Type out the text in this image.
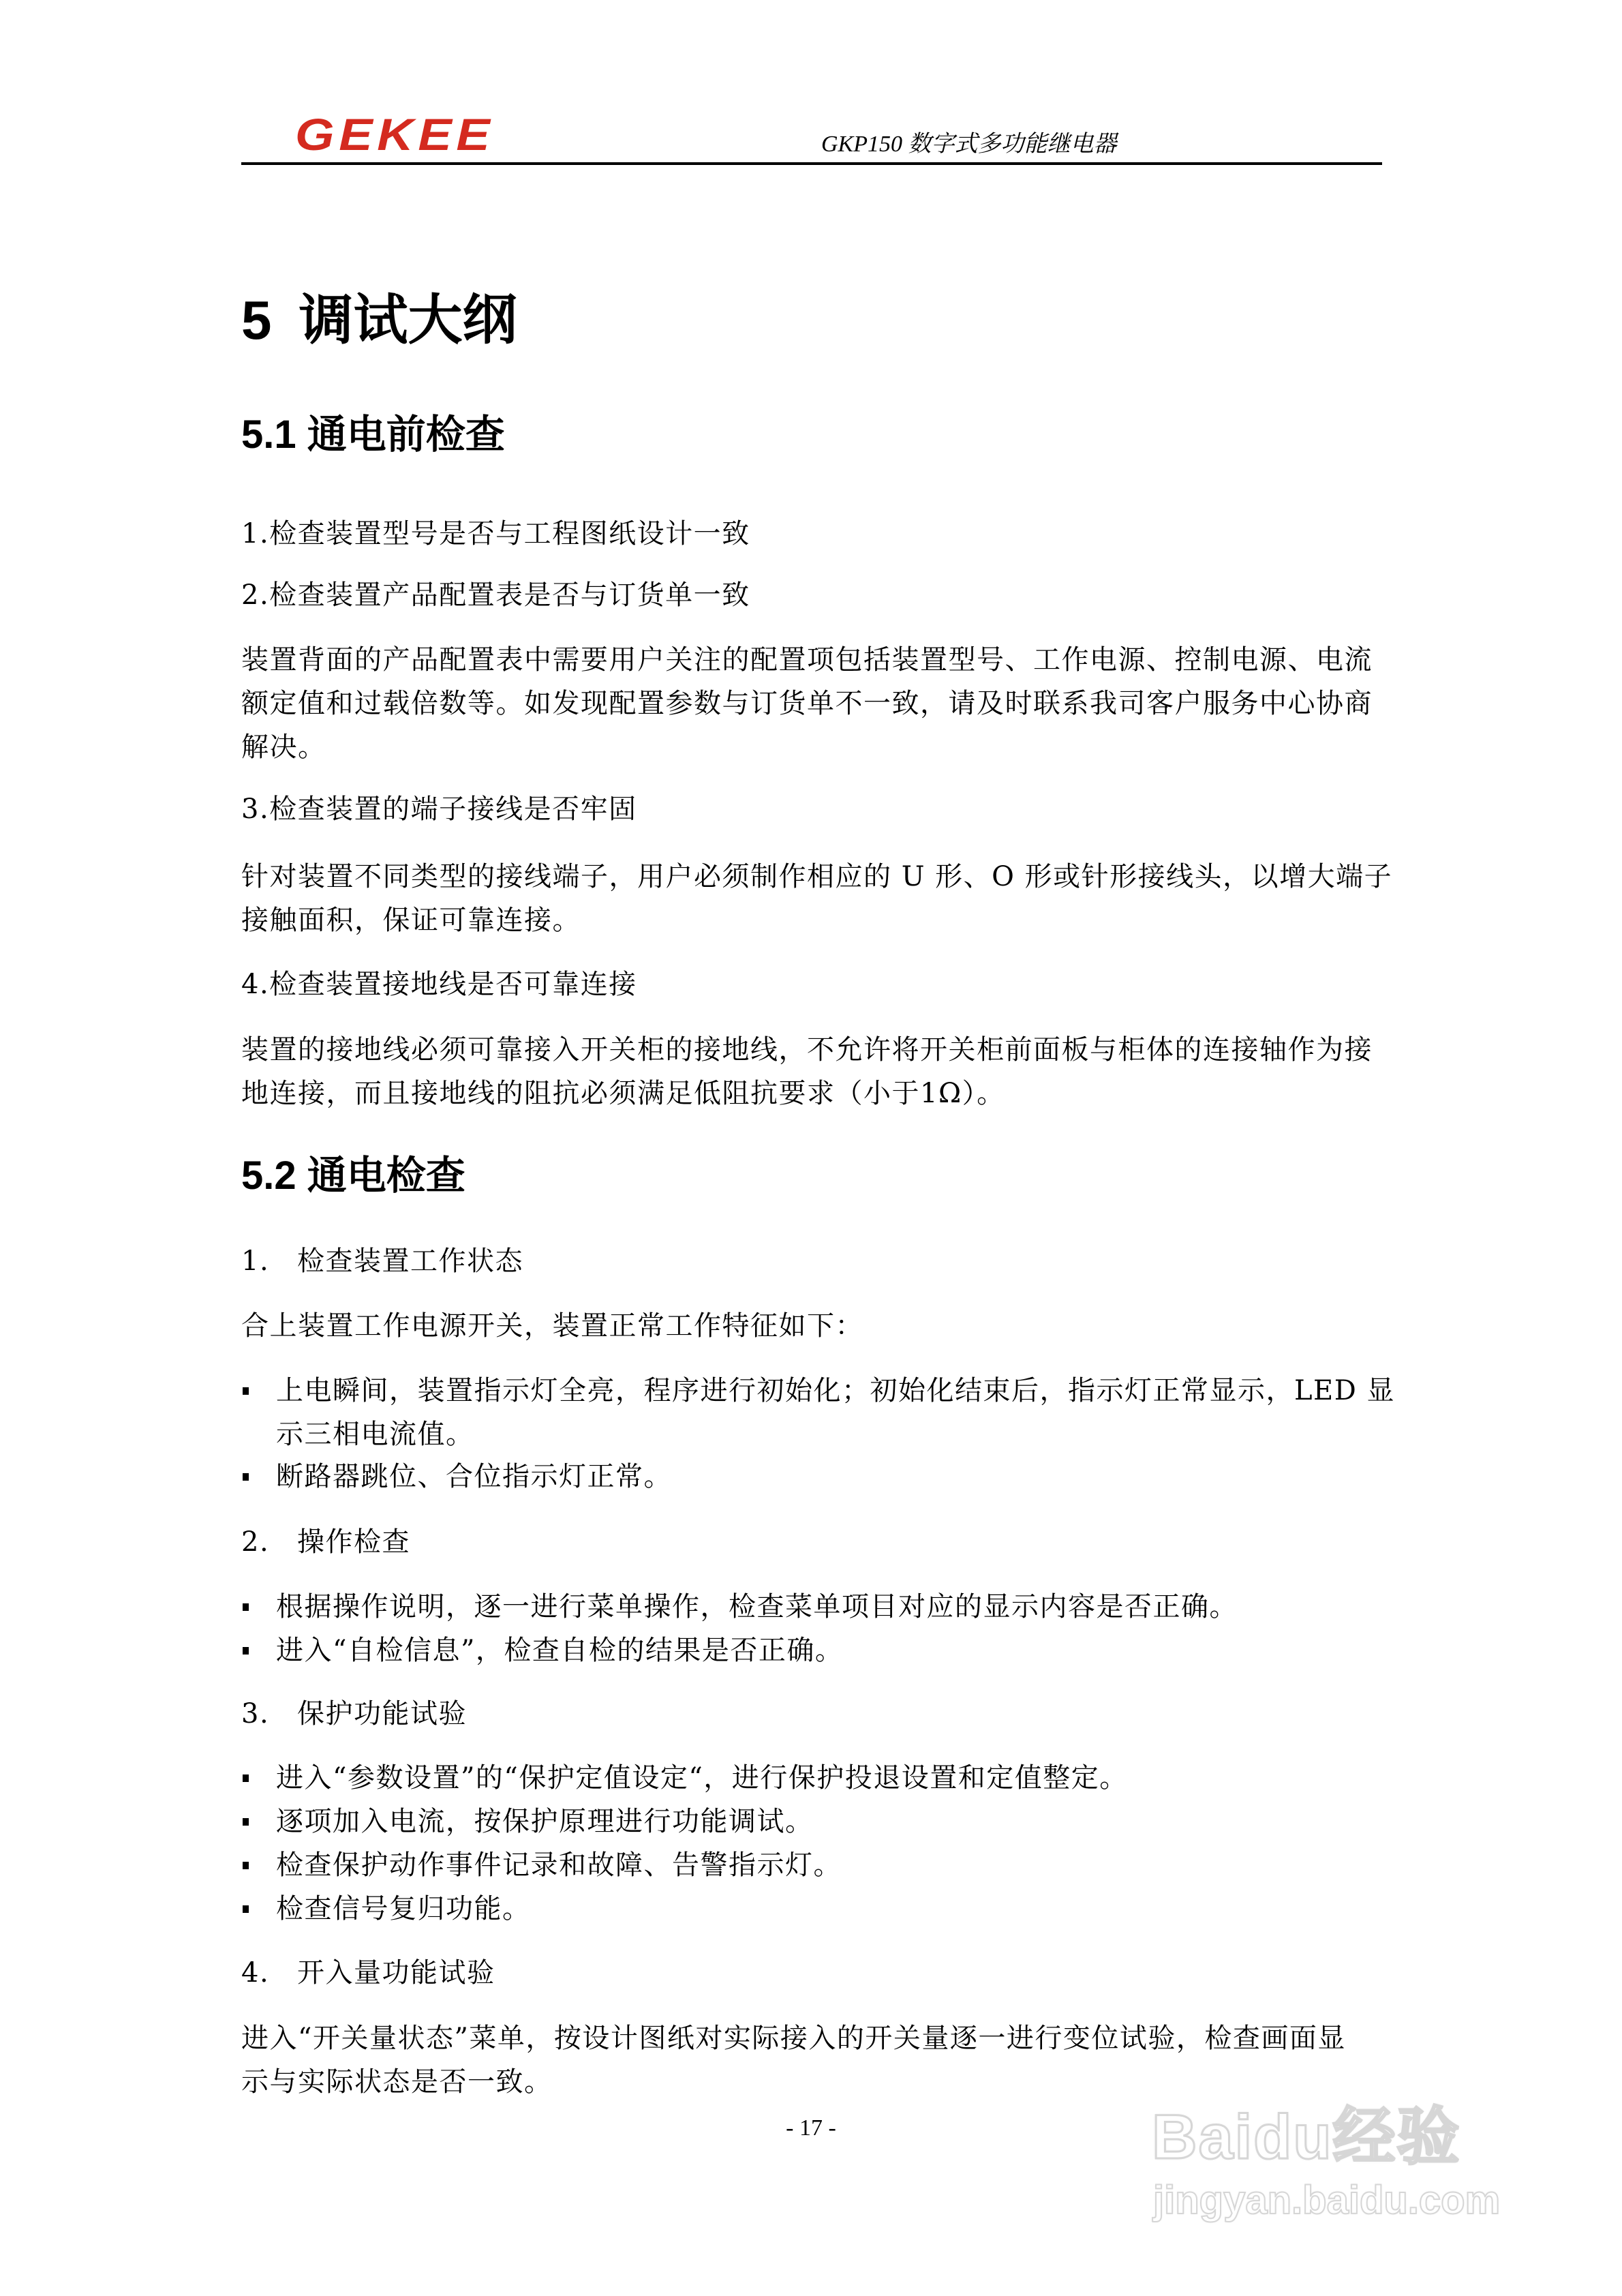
GEKEE	GKP150 数字式多功能继电器
5 调试大纲
5.1 通电前检查
1.检查装置型号是否与工程图纸设计一致
2.检查装置产品配置表是否与订货单一致
装置背面的产品配置表中需要用户关注的配置项包括装置型号、工作电源、控制电源、电流
额定值和过载倍数等。如发现配置参数与订货单不一致，请及时联系我司客户服务中心协商
解决。
3.检查装置的端子接线是否牢固
针对装置不同类型的接线端子，用户必须制作相应的 U 形、O 形或针形接线头，以增大端子
接触面积，保证可靠连接。
4.检查装置接地线是否可靠连接
装置的接地线必须可靠接入开关柜的接地线，不允许将开关柜前面板与柜体的连接轴作为接
地连接，而且接地线的阻抗必须满足低阻抗要求（小于1Ω）。
5.2 通电检查
1. 检查装置工作状态
合上装置工作电源开关，装置正常工作特征如下：
上电瞬间，装置指示灯全亮，程序进行初始化；初始化结束后，指示灯正常显示，LED 显
示三相电流值。
断路器跳位、合位指示灯正常。
2. 操作检查
根据操作说明，逐一进行菜单操作，检查菜单项目对应的显示内容是否正确。
进入“自检信息”，检查自检的结果是否正确。
3. 保护功能试验
进入“参数设置”的“保护定值设定“，进行保护投退设置和定值整定。
逐项加入电流，按保护原理进行功能调试。
检查保护动作事件记录和故障、告警指示灯。
检查信号复归功能。
4. 开入量功能试验
进入“开关量状态”菜单，按设计图纸对实际接入的开关量逐一进行变位试验，检查画面显
示与实际状态是否一致。
- 17 -	Baidu经验
jingyan.baidu.com
